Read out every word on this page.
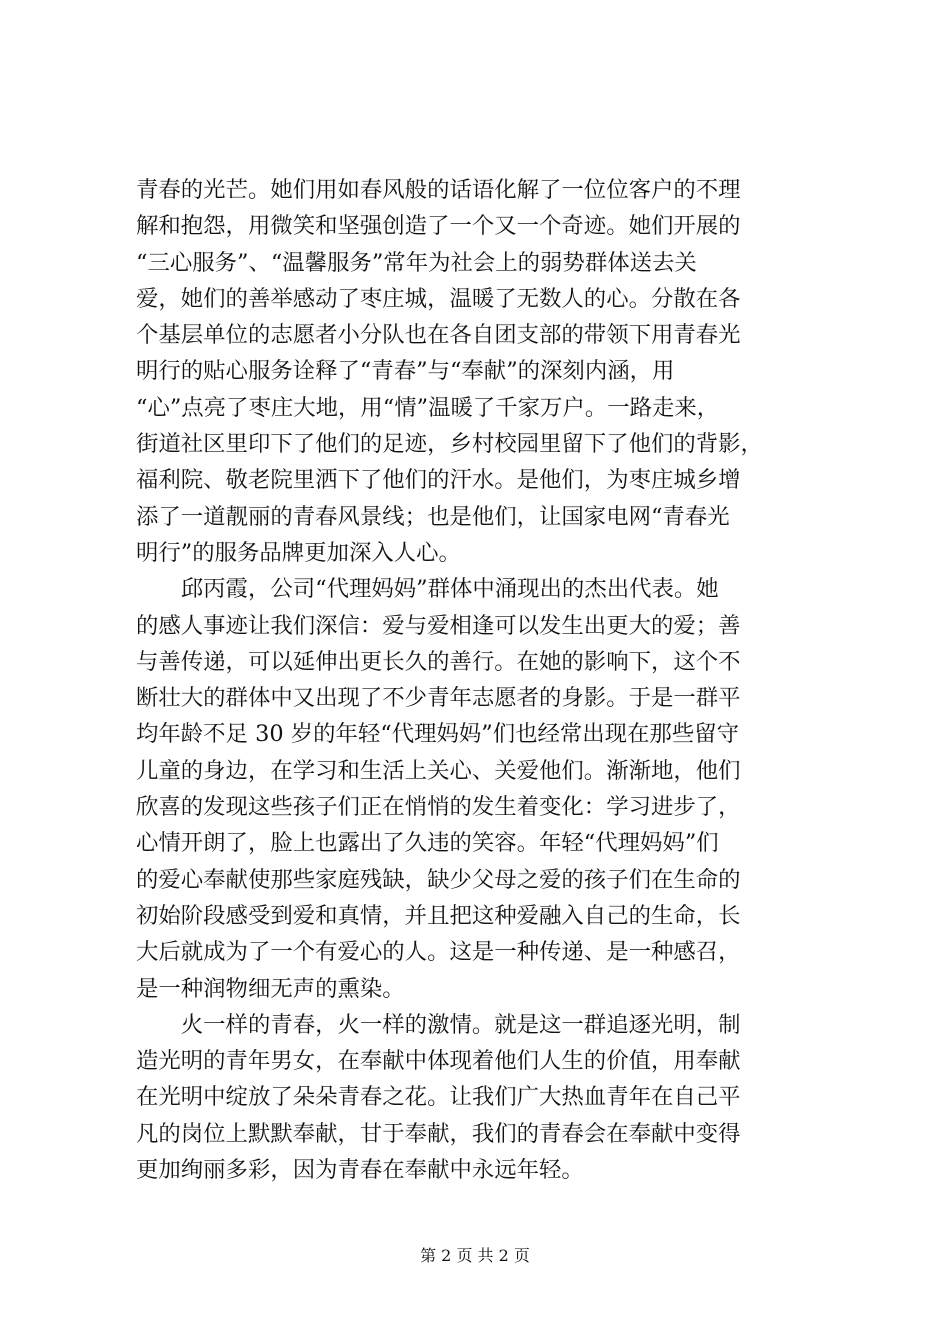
青春的光芒。她们用如春风般的话语化解了一位位客户的不理
解和抱怨，用微笑和坚强创造了一个又一个奇迹。她们开展的
“三心服务”、“温馨服务”常年为社会上的弱势群体送去关
爱，她们的善举感动了枣庄城，温暖了无数人的心。分散在各
个基层单位的志愿者小分队也在各自团支部的带领下用青春光
明行的贴心服务诠释了“青春”与“奉献”的深刻内涵，用
“心”点亮了枣庄大地，用“情”温暖了千家万户。一路走来，
街道社区里印下了他们的足迹，乡村校园里留下了他们的背影，
福利院、敬老院里洒下了他们的汗水。是他们，为枣庄城乡增
添了一道靓丽的青春风景线；也是他们，让国家电网“青春光
明行”的服务品牌更加深入人心。
　　邱丙霞，公司“代理妈妈”群体中涌现出的杰出代表。她
的感人事迹让我们深信：爱与爱相逢可以发生出更大的爱；善
与善传递，可以延伸出更长久的善行。在她的影响下，这个不
断壮大的群体中又出现了不少青年志愿者的身影。于是一群平
均年龄不足 30 岁的年轻“代理妈妈”们也经常出现在那些留守
儿童的身边，在学习和生活上关心、关爱他们。渐渐地，他们
欣喜的发现这些孩子们正在悄悄的发生着变化：学习进步了，
心情开朗了，脸上也露出了久违的笑容。年轻“代理妈妈”们
的爱心奉献使那些家庭残缺，缺少父母之爱的孩子们在生命的
初始阶段感受到爱和真情，并且把这种爱融入自己的生命，长
大后就成为了一个有爱心的人。这是一种传递、是一种感召，
是一种润物细无声的熏染。
　　火一样的青春，火一样的激情。就是这一群追逐光明，制
造光明的青年男女，在奉献中体现着他们人生的价值，用奉献
在光明中绽放了朵朵青春之花。让我们广大热血青年在自己平
凡的岗位上默默奉献，甘于奉献，我们的青春会在奉献中变得
更加绚丽多彩，因为青春在奉献中永远年轻。
第 2 页 共 2 页
